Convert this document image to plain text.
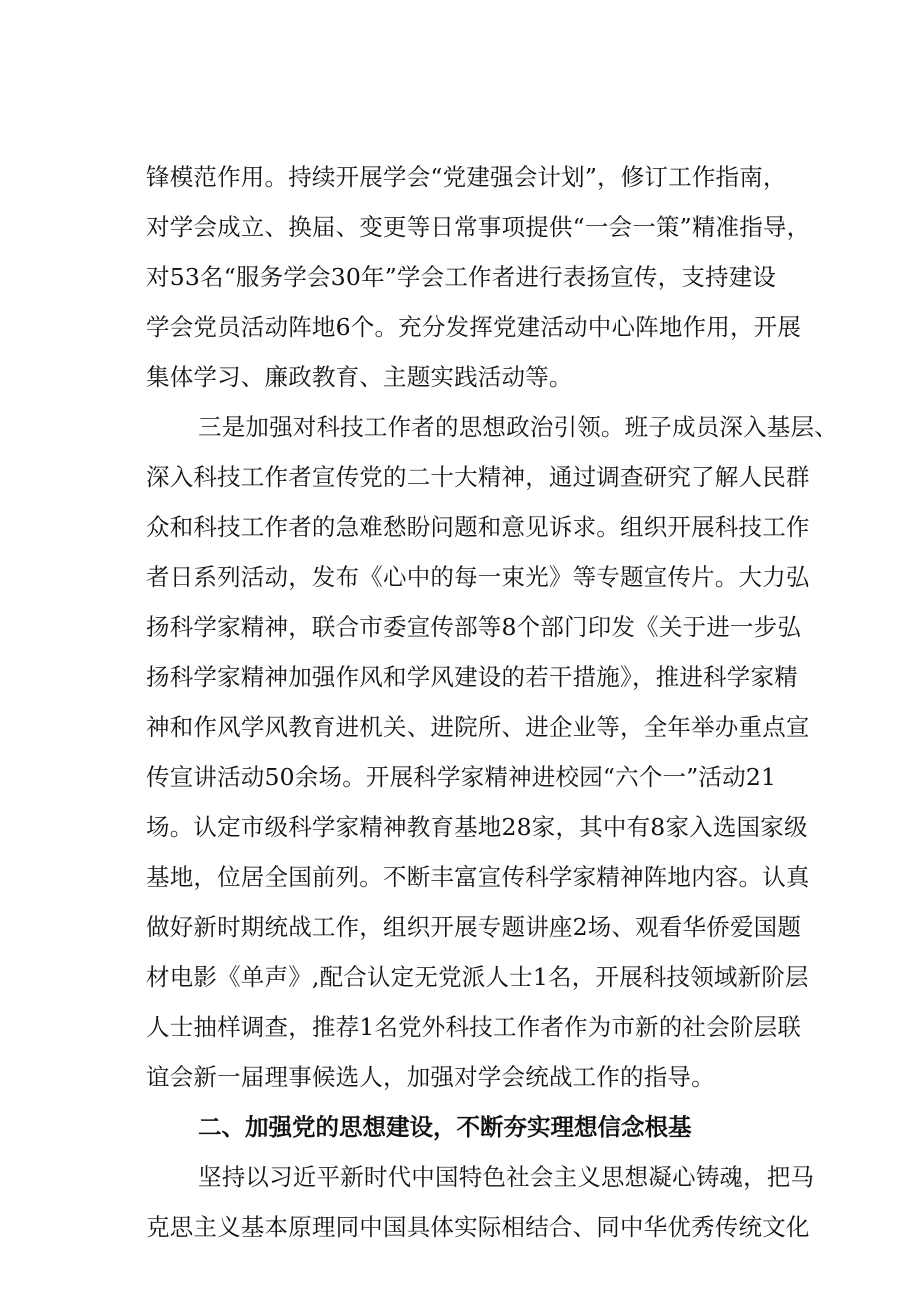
锋模范作用。持续开展学会“党建强会计划”，修订工作指南，
对学会成立、换届、变更等日常事项提供“一会一策”精准指导，
对53名“服务学会30年”学会工作者进行表扬宣传，支持建设
学会党员活动阵地6个。充分发挥党建活动中心阵地作用，开展
集体学习、廉政教育、主题实践活动等。
三是加强对科技工作者的思想政治引领。班子成员深入基层、
深入科技工作者宣传党的二十大精神，通过调查研究了解人民群
众和科技工作者的急难愁盼问题和意见诉求。组织开展科技工作
者日系列活动，发布《心中的每一束光》等专题宣传片。大力弘
扬科学家精神，联合市委宣传部等8个部门印发《关于进一步弘
扬科学家精神加强作风和学风建设的若干措施》，推进科学家精
神和作风学风教育进机关、进院所、进企业等，全年举办重点宣
传宣讲活动50余场。开展科学家精神进校园“六个一”活动21
场。认定市级科学家精神教育基地28家，其中有8家入选国家级
基地，位居全国前列。不断丰富宣传科学家精神阵地内容。认真
做好新时期统战工作，组织开展专题讲座2场、观看华侨爱国题
材电影《单声》,配合认定无党派人士1名，开展科技领域新阶层
人士抽样调查，推荐1名党外科技工作者作为市新的社会阶层联
谊会新一届理事候选人，加强对学会统战工作的指导。
二、加强党的思想建设，不断夯实理想信念根基
坚持以习近平新时代中国特色社会主义思想凝心铸魂，把马
克思主义基本原理同中国具体实际相结合、同中华优秀传统文化
